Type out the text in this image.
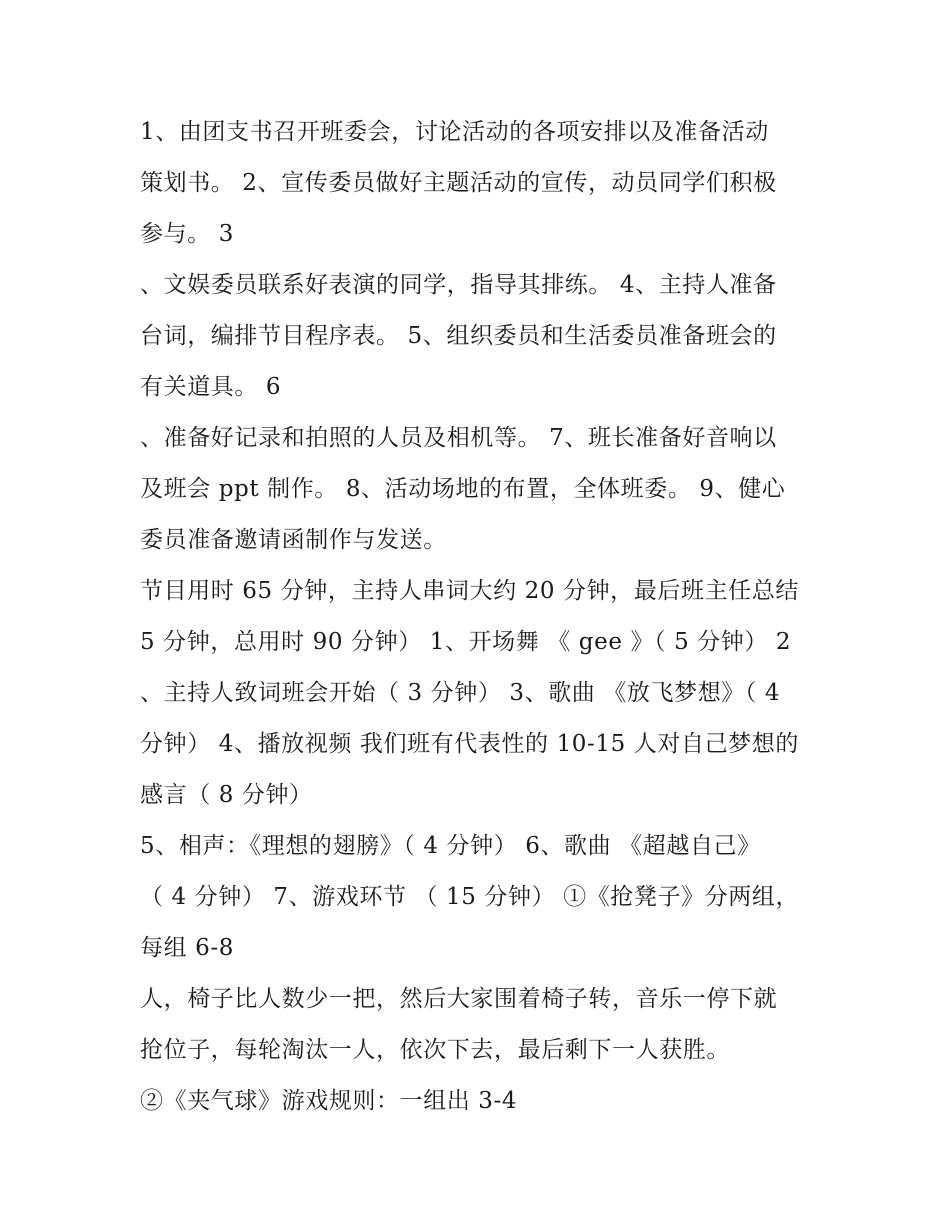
1、由团支书召开班委会，讨论活动的各项安排以及准备活动
策划书。 2、宣传委员做好主题活动的宣传，动员同学们积极
参与。 3
、文娱委员联系好表演的同学，指导其排练。 4、主持人准备
台词，编排节目程序表。 5、组织委员和生活委员准备班会的
有关道具。 6
、准备好记录和拍照的人员及相机等。 7、班长准备好音响以
及班会 ppt 制作。 8、活动场地的布置，全体班委。 9、健心
委员准备邀请函制作与发送。
节目用时 65 分钟，主持人串词大约 20 分钟，最后班主任总结
5 分钟，总用时 90 分钟） 1、开场舞 《 gee 》（ 5 分钟） 2
、主持人致词班会开始（ 3 分钟） 3、歌曲 《放飞梦想》（ 4
分钟） 4、播放视频 我们班有代表性的 10-15 人对自己梦想的
感言（ 8 分钟）
5、相声：《理想的翅膀》（ 4 分钟） 6、歌曲 《超越自己》
（ 4 分钟） 7、游戏环节 （ 15 分钟） ①《抢凳子》分两组，
每组 6-8
人，椅子比人数少一把，然后大家围着椅子转，音乐一停下就
抢位子，每轮淘汰一人，依次下去，最后剩下一人获胜。
②《夹气球》游戏规则：一组出 3-4
